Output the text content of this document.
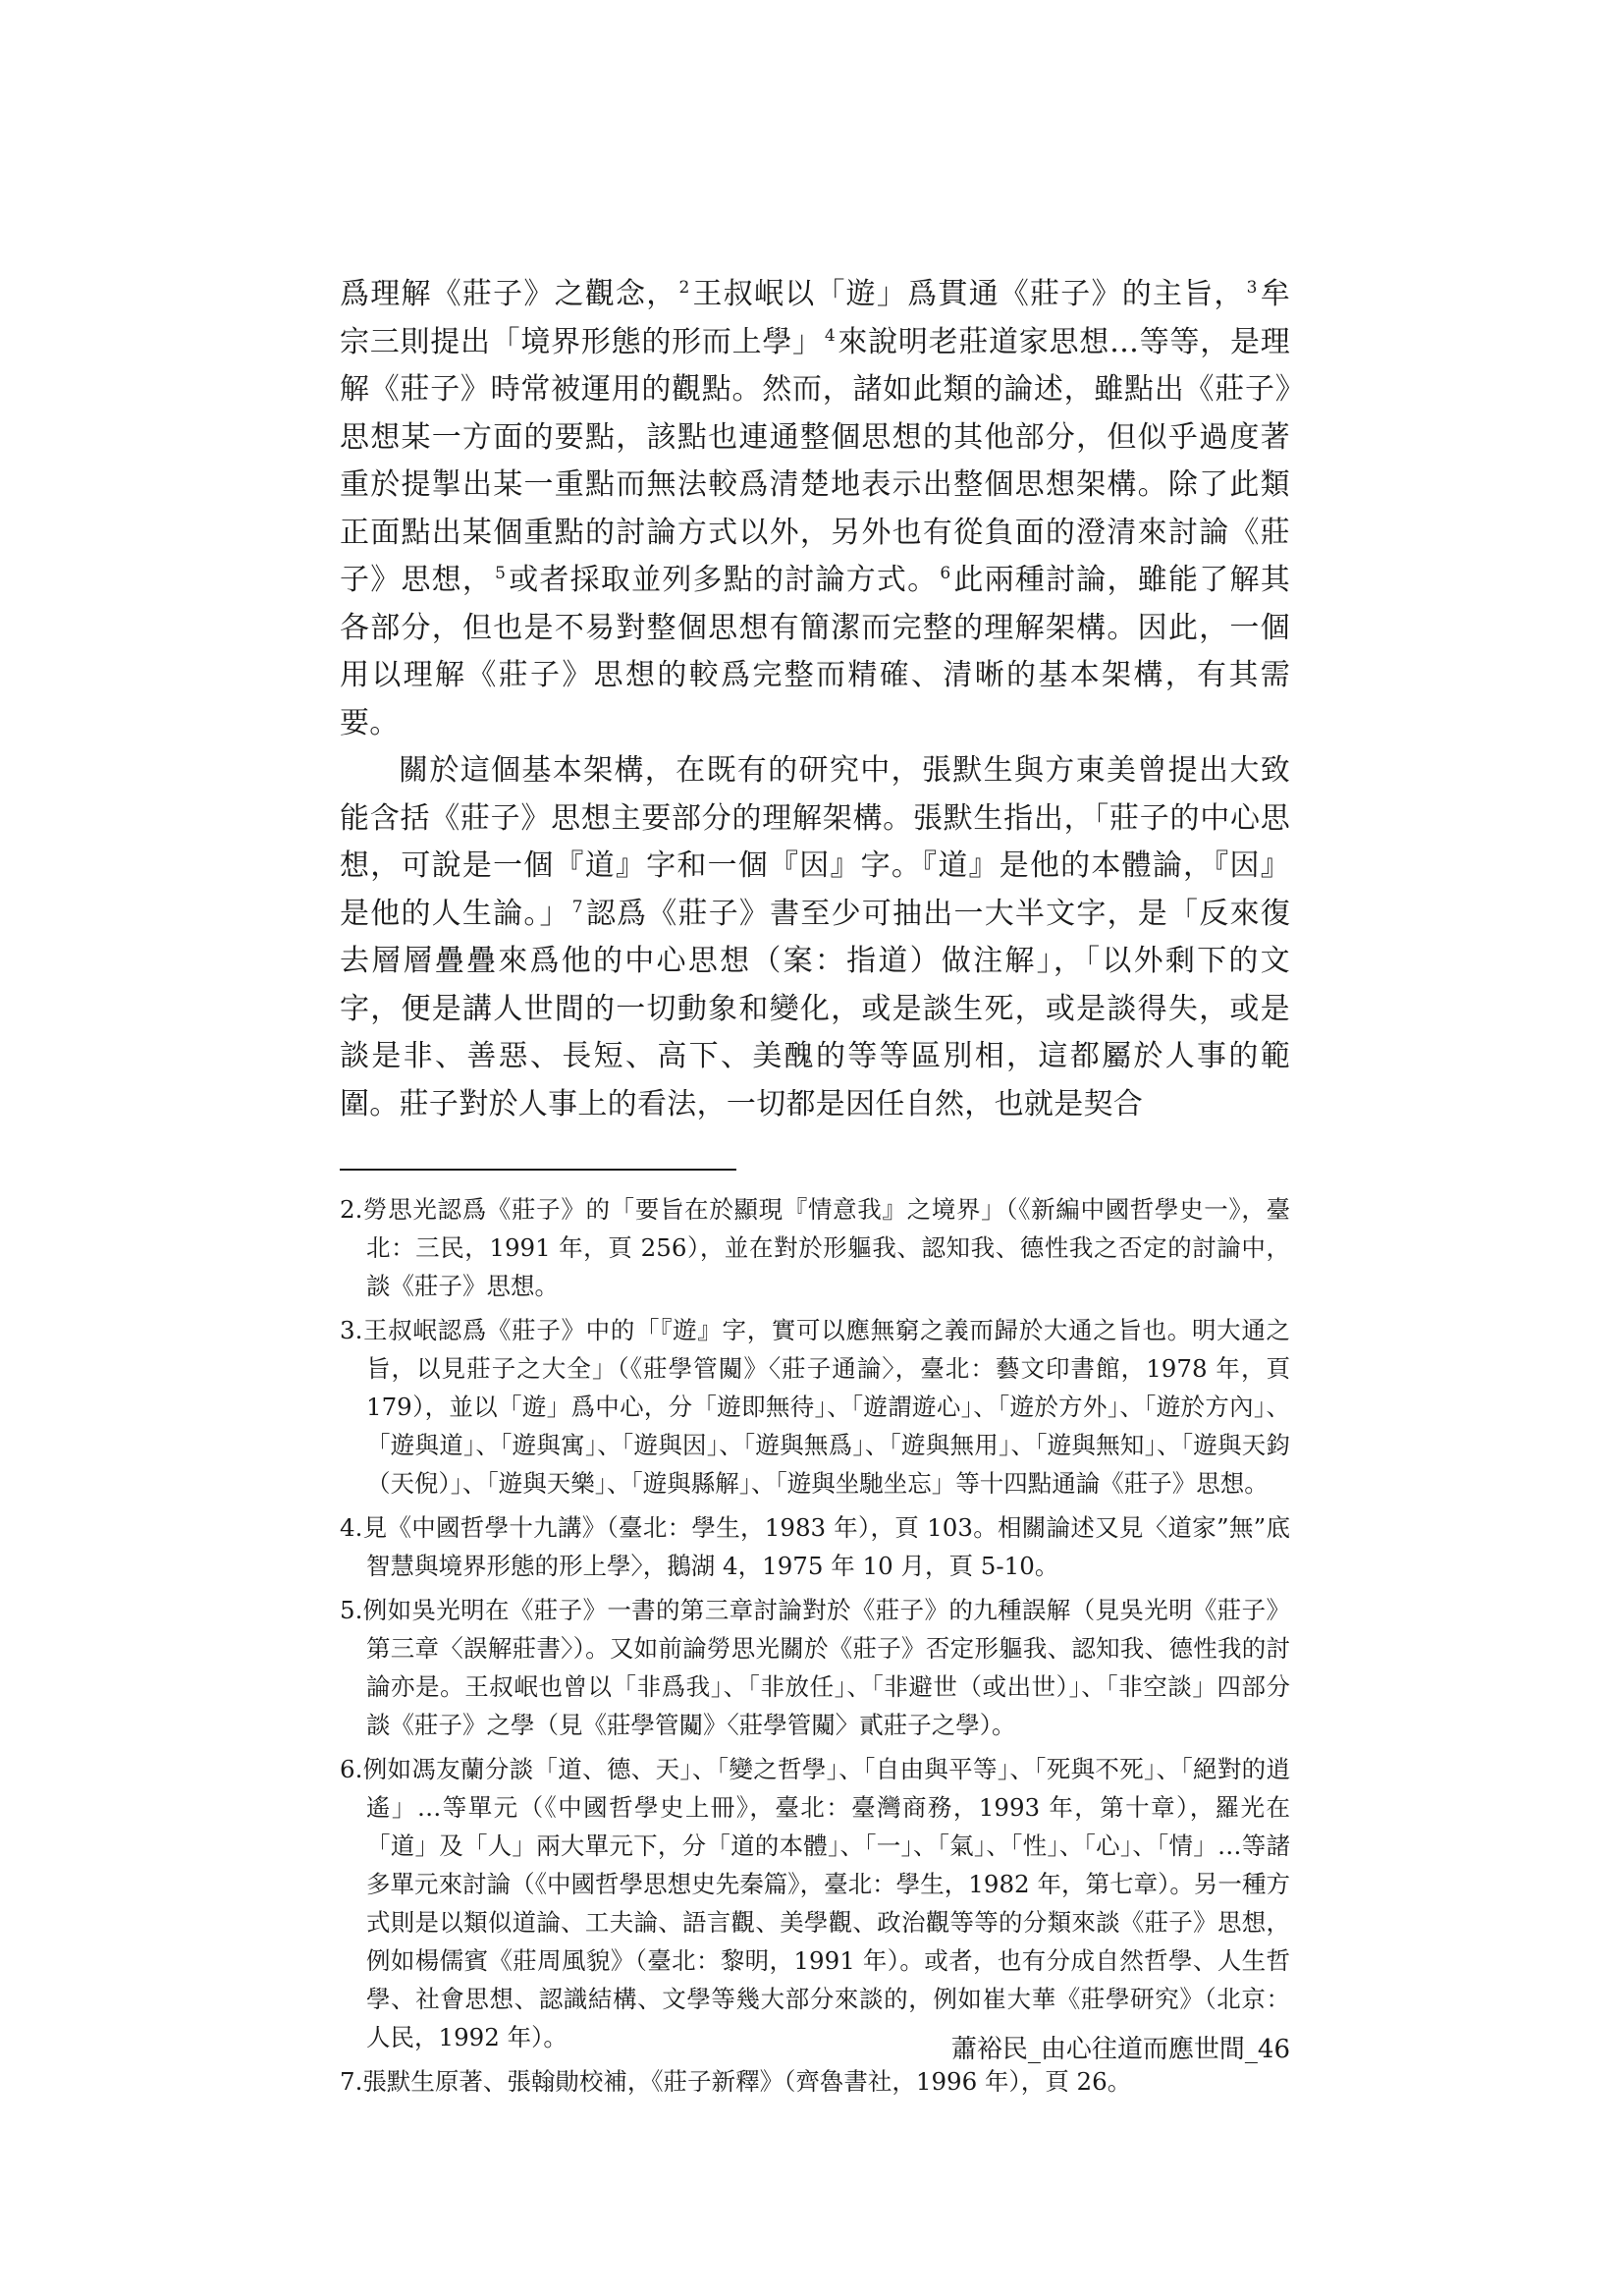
爲理解《莊子》之觀念， $^2$王叔岷以「遊」爲貫通《莊子》的主旨， $^3$牟宗三則提出「境界形態的形而上學」 $^4$來說明老莊道家思想…等等，是理解《莊子》時常被運用的觀點。然而，諸如此類的論述，雖點出《莊子》思想某一方面的要點，該點也連通整個思想的其他部分，但似乎過度著重於提掣出某一重點而無法較爲清楚地表示出整個思想架構。除了此類正面點出某個重點的討論方式以外，另外也有從負面的澄清來討論《莊子》思想， $^5$或者採取並列多點的討論方式。 $^6$此兩種討論，雖能了解其各部分，但也是不易對整個思想有簡潔而完整的理解架構。因此，一個用以理解《莊子》思想的較爲完整而精確、清晰的基本架構，有其需要。

關於這個基本架構，在既有的研究中，張默生與方東美曾提出大致能含括《莊子》思想主要部分的理解架構。張默生指出，「莊子的中心思想，可說是一個『道』字和一個『因』字。『道』是他的本體論，『因』是他的人生論。」 $^7$認爲《莊子》書至少可抽出一大半文字，是「反來復去層層疊疊來爲他的中心思想（案：指道）做注解」，「以外剩下的文字，便是講人世間的一切動象和變化，或是談生死，或是談得失，或是談是非、善惡、長短、高下、美醜的等等區別相，這都屬於人事的範圍。莊子對於人事上的看法，一切都是因任自然，也就是契合

2.勞思光認爲《莊子》的「要旨在於顯現『情意我』之境界」（《新編中國哲學史一》，臺北：三民，1991 年，頁 256），並在對於形軀我、認知我、德性我之否定的討論中，談《莊子》思想。
3.王叔岷認爲《莊子》中的「『遊』字，實可以應無窮之義而歸於大通之旨也。明大通之旨，以見莊子之大全」（《莊學管闚》〈莊子通論〉，臺北：藝文印書館，1978 年，頁 179），並以「遊」爲中心，分「遊即無待」、「遊謂遊心」、「遊於方外」、「遊於方內」、「遊與道」、「遊與寓」、「遊與因」、「遊與無爲」、「遊與無用」、「遊與無知」、「遊與天鈞（天倪）」、「遊與天樂」、「遊與縣解」、「遊與坐馳坐忘」等十四點通論《莊子》思想。
4.見《中國哲學十九講》（臺北：學生，1983 年），頁 103。相關論述又見〈道家”無”底智慧與境界形態的形上學〉，鵝湖 4，1975 年 10 月，頁 5-10。
5.例如吳光明在《莊子》一書的第三章討論對於《莊子》的九種誤解（見吳光明《莊子》第三章〈誤解莊書〉）。又如前論勞思光關於《莊子》否定形軀我、認知我、德性我的討論亦是。王叔岷也曾以「非爲我」、「非放任」、「非避世（或出世）」、「非空談」四部分談《莊子》之學（見《莊學管闚》〈莊學管闚〉貳莊子之學）。
6.例如馮友蘭分談「道、德、天」、「變之哲學」、「自由與平等」、「死與不死」、「絕對的逍遙」…等單元（《中國哲學史上冊》，臺北：臺灣商務，1993 年，第十章），羅光在「道」及「人」兩大單元下，分「道的本體」、「一」、「氣」、「性」、「心」、「情」…等諸多單元來討論（《中國哲學思想史先秦篇》，臺北：學生，1982 年，第七章）。另一種方式則是以類似道論、工夫論、語言觀、美學觀、政治觀等等的分類來談《莊子》思想，例如楊儒賓《莊周風貌》（臺北：黎明，1991 年）。或者，也有分成自然哲學、人生哲學、社會思想、認識結構、文學等幾大部分來談的，例如崔大華《莊學研究》（北京：人民，1992 年）。
7.張默生原著、張翰勛校補，《莊子新釋》（齊魯書社，1996 年），頁 26。
蕭裕民_由心往道而應世間_46
